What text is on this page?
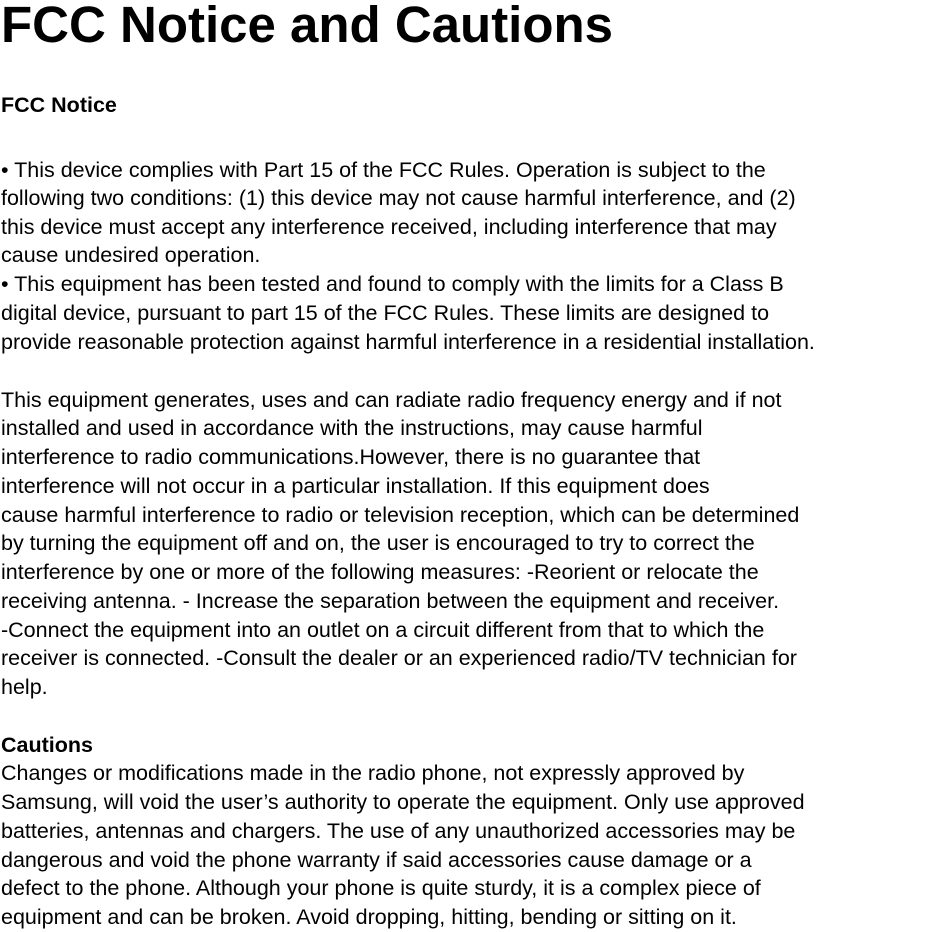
FCC Notice and Cautions
FCC Notice

• This device complies with Part 15 of the FCC Rules. Operation is subject to the

following two conditions: (1) this device may not cause harmful interference, and (2)

this device must accept any interference received, including interference that may

cause undesired operation.

• This equipment has been tested and found to comply with the limits for a Class B

digital device, pursuant to part 15 of the FCC Rules. These limits are designed to

provide reasonable protection against harmful interference in a residential installation.

This equipment generates, uses and can radiate radio frequency energy and if not

installed and used in accordance with the instructions, may cause harmful

interference to radio communications.However, there is no guarantee that

interference will not occur in a particular installation. If this equipment does

cause harmful interference to radio or television reception, which can be determined

by turning the equipment off and on, the user is encouraged to try to correct the

interference by one or more of the following measures: -Reorient or relocate the

receiving antenna. - Increase the separation between the equipment and receiver.

-Connect the equipment into an outlet on a circuit different from that to which the

receiver is connected. -Consult the dealer or an experienced radio/TV technician for

help.

Cautions

Changes or modifications made in the radio phone, not expressly approved by

Samsung, will void the user’s authority to operate the equipment. Only use approved

batteries, antennas and chargers. The use of any unauthorized accessories may be

dangerous and void the phone warranty if said accessories cause damage or a

defect to the phone. Although your phone is quite sturdy, it is a complex piece of

equipment and can be broken. Avoid dropping, hitting, bending or sitting on it.
